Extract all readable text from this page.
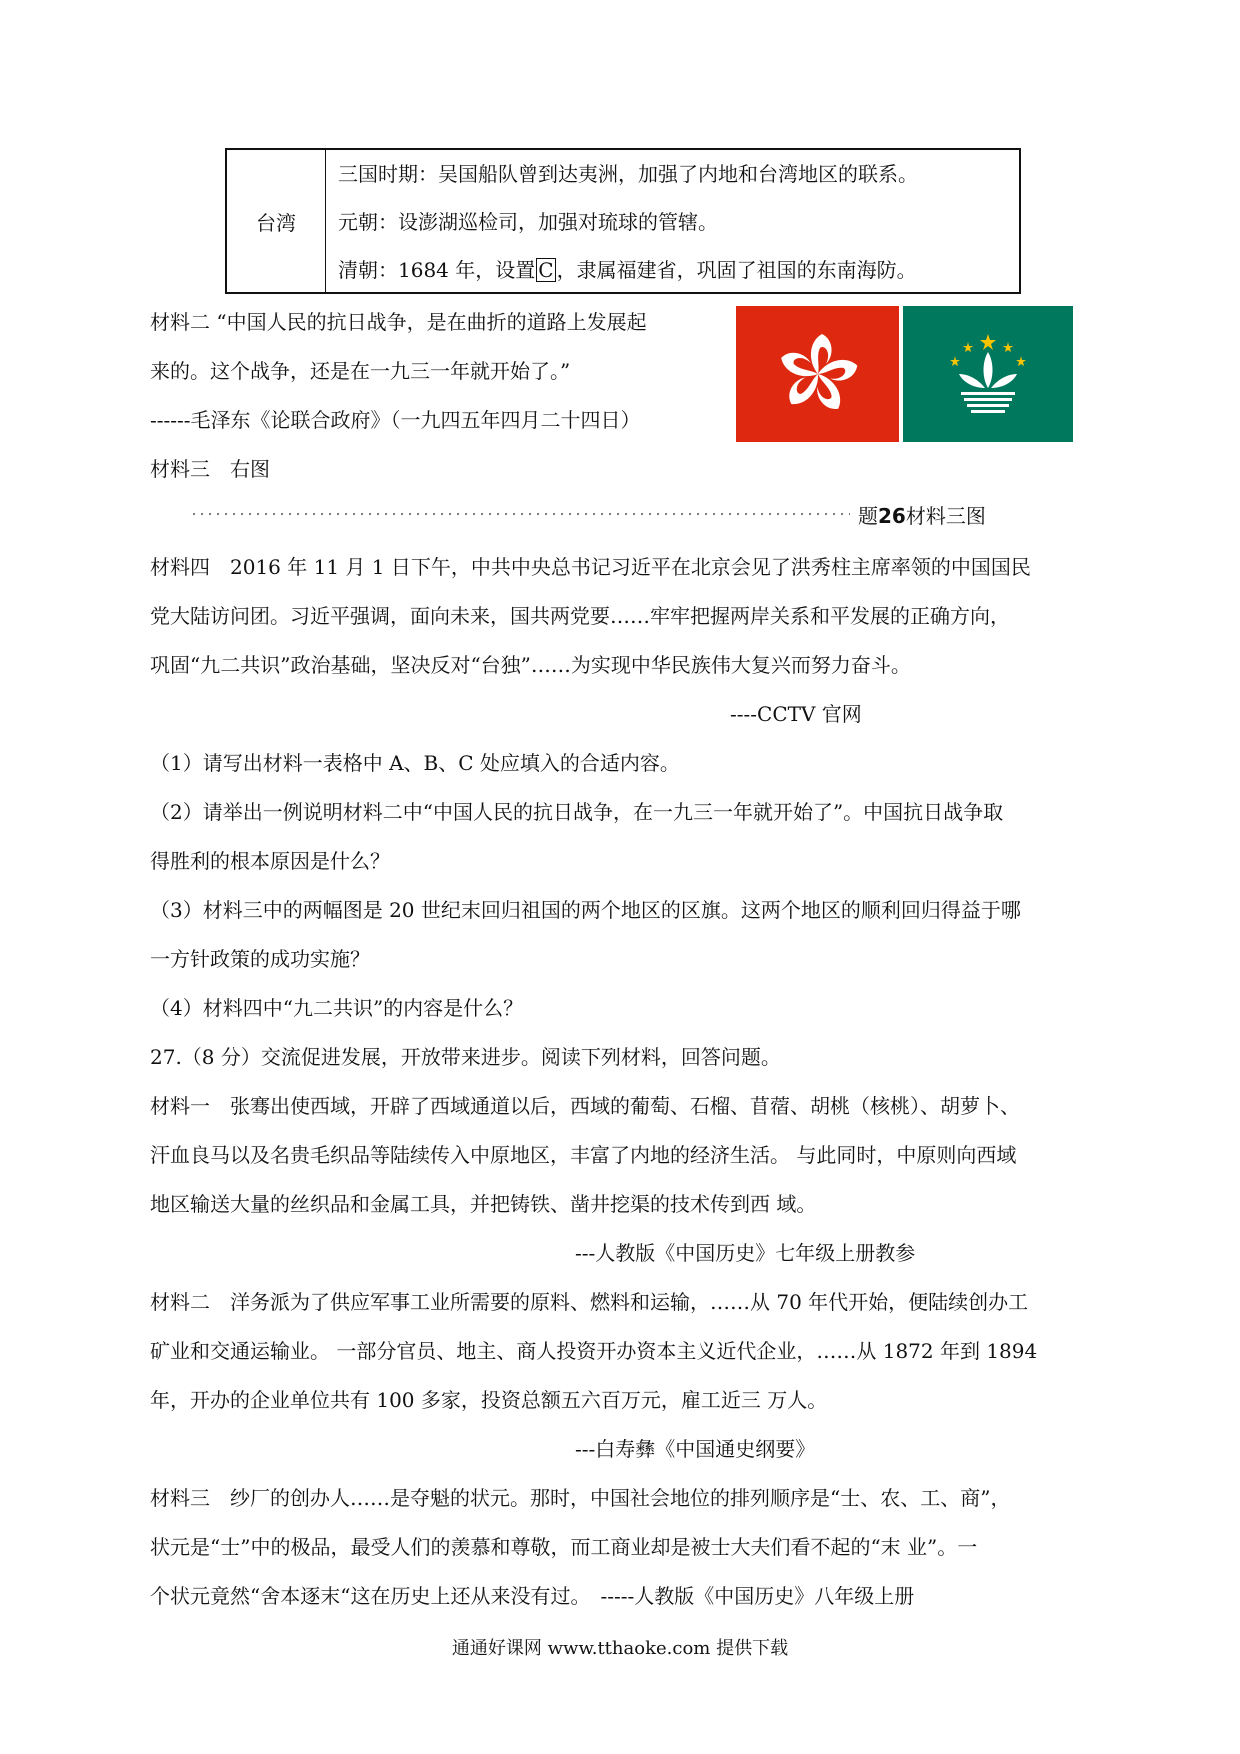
台湾
三国时期：吴国船队曾到达夷洲，加强了内地和台湾地区的联系。
元朝：设澎湖巡检司，加强对琉球的管辖。
清朝：1684 年，设置 C ，隶属福建省，巩固了祖国的东南海防。
材料二 “中国人民的抗日战争，是在曲折的道路上发展起
来的。这个战争，还是在一九三一年就开始了。”
------毛泽东《论联合政府》（一九四五年四月二十四日）
材料三　右图
题26材料三图
材料四　2016 年 11 月 1 日下午，中共中央总书记习近平在北京会见了洪秀柱主席率领的中国国民
党大陆访问团。习近平强调，面向未来，国共两党要……牢牢把握两岸关系和平发展的正确方向，
巩固“九二共识”政治基础，坚决反对“台独”……为实现中华民族伟大复兴而努力奋斗。
----CCTV 官网
（1）请写出材料一表格中 A、B、C 处应填入的合适内容。
（2）请举出一例说明材料二中“中国人民的抗日战争，在一九三一年就开始了”。中国抗日战争取
得胜利的根本原因是什么？
（3）材料三中的两幅图是 20 世纪末回归祖国的两个地区的区旗。这两个地区的顺利回归得益于哪
一方针政策的成功实施？
（4）材料四中“九二共识”的内容是什么？
27.（8 分）交流促进发展，开放带来进步。阅读下列材料，回答问题。
材料一　张骞出使西域，开辟了西域通道以后，西域的葡萄、石榴、苜蓿、胡桃（核桃）、胡萝卜、
汗血良马以及名贵毛织品等陆续传入中原地区，丰富了内地的经济生活。 与此同时，中原则向西域
地区输送大量的丝织品和金属工具，并把铸铁、凿井挖渠的技术传到西 域。
---人教版《中国历史》七年级上册教参
材料二　洋务派为了供应军事工业所需要的原料、燃料和运输，……从 70 年代开始，便陆续创办工
矿业和交通运输业。 一部分官员、地主、商人投资开办资本主义近代企业，……从 1872 年到 1894
年，开办的企业单位共有 100 多家，投资总额五六百万元，雇工近三 万人。
---白寿彝《中国通史纲要》
材料三　纱厂的创办人……是夺魁的状元。那时，中国社会地位的排列顺序是“士、农、工、商”，
状元是“士”中的极品，最受人们的羡慕和尊敬，而工商业却是被士大夫们看不起的“末 业”。一
个状元竟然“舍本逐末“这在历史上还从来没有过。　-----人教版《中国历史》八年级上册
通通好课网 www.tthaoke.com 提供下载
